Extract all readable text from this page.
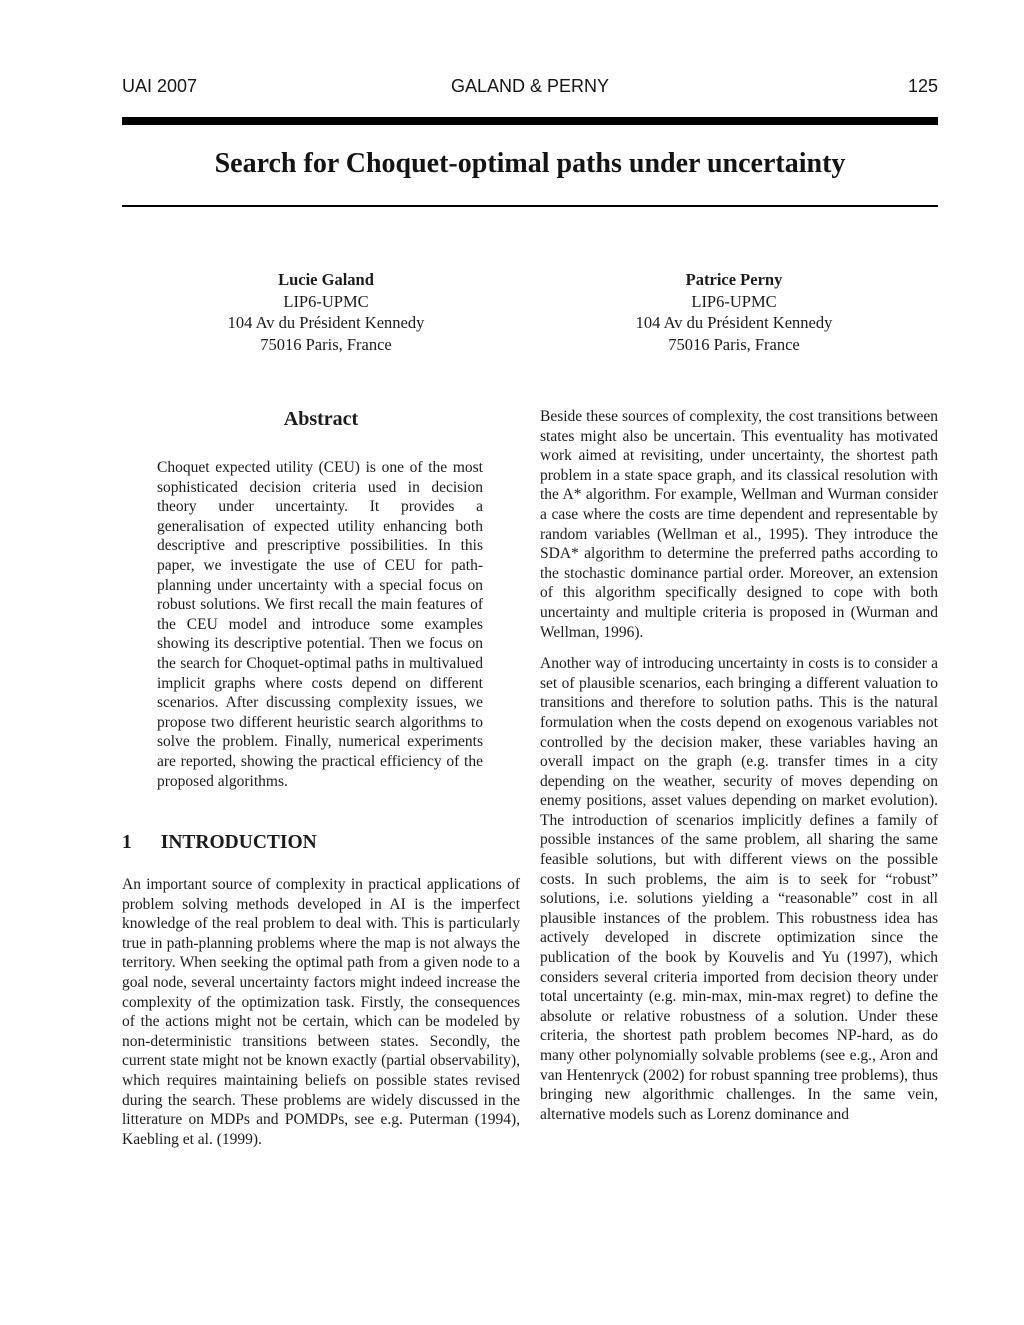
UAI 2007	GALAND & PERNY	125
Search for Choquet-optimal paths under uncertainty
Lucie Galand
LIP6-UPMC
104 Av du Président Kennedy
75016 Paris, France
Patrice Perny
LIP6-UPMC
104 Av du Président Kennedy
75016 Paris, France
Abstract

Choquet expected utility (CEU) is one of the most sophisticated decision criteria used in decision theory under uncertainty. It provides a generalisation of expected utility enhancing both descriptive and prescriptive possibilities. In this paper, we investigate the use of CEU for path-planning under uncertainty with a special focus on robust solutions. We first recall the main features of the CEU model and introduce some examples showing its descriptive potential. Then we focus on the search for Choquet-optimal paths in multivalued implicit graphs where costs depend on different scenarios. After discussing complexity issues, we propose two different heuristic search algorithms to solve the problem. Finally, numerical experiments are reported, showing the practical efficiency of the proposed algorithms.

1 INTRODUCTION

An important source of complexity in practical applications of problem solving methods developed in AI is the imperfect knowledge of the real problem to deal with. This is particularly true in path-planning problems where the map is not always the territory. When seeking the optimal path from a given node to a goal node, several uncertainty factors might indeed increase the complexity of the optimization task. Firstly, the consequences of the actions might not be certain, which can be modeled by non-deterministic transitions between states. Secondly, the current state might not be known exactly (partial observability), which requires maintaining beliefs on possible states revised during the search. These problems are widely discussed in the litterature on MDPs and POMDPs, see e.g. Puterman (1994), Kaebling et al. (1999).

Beside these sources of complexity, the cost transitions between states might also be uncertain. This eventuality has motivated work aimed at revisiting, under uncertainty, the shortest path problem in a state space graph, and its classical resolution with the A* algorithm. For example, Wellman and Wurman consider a case where the costs are time dependent and representable by random variables (Wellman et al., 1995). They introduce the SDA* algorithm to determine the preferred paths according to the stochastic dominance partial order. Moreover, an extension of this algorithm specifically designed to cope with both uncertainty and multiple criteria is proposed in (Wurman and Wellman, 1996).

Another way of introducing uncertainty in costs is to consider a set of plausible scenarios, each bringing a different valuation to transitions and therefore to solution paths. This is the natural formulation when the costs depend on exogenous variables not controlled by the decision maker, these variables having an overall impact on the graph (e.g. transfer times in a city depending on the weather, security of moves depending on enemy positions, asset values depending on market evolution). The introduction of scenarios implicitly defines a family of possible instances of the same problem, all sharing the same feasible solutions, but with different views on the possible costs. In such problems, the aim is to seek for “robust” solutions, i.e. solutions yielding a “reasonable” cost in all plausible instances of the problem. This robustness idea has actively developed in discrete optimization since the publication of the book by Kouvelis and Yu (1997), which considers several criteria imported from decision theory under total uncertainty (e.g. min-max, min-max regret) to define the absolute or relative robustness of a solution. Under these criteria, the shortest path problem becomes NP-hard, as do many other polynomially solvable problems (see e.g., Aron and van Hentenryck (2002) for robust spanning tree problems), thus bringing new algorithmic challenges. In the same vein, alternative models such as Lorenz dominance and
